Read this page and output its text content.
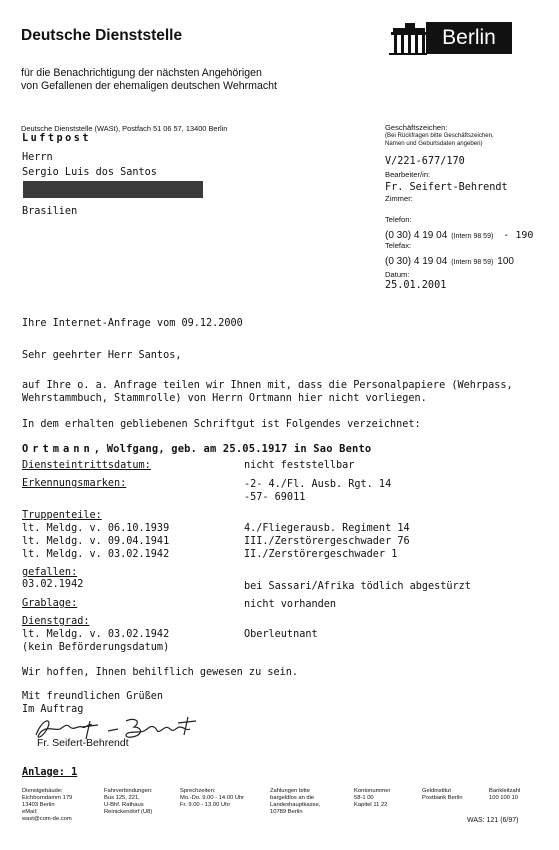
Deutsche Dienststelle
für die Benachrichtigung der nächsten Angehörigen
von Gefallenen der ehemaligen deutschen Wehrmacht
Berlin
Deutsche Dienststelle (WASt), Postfach 51 06 57, 13400 Berlin
Luftpost
Herrn
Sergio Luis dos Santos
Brasilien
Geschäftszeichen:
(Bei Rückfragen bitte Geschäftszeichen,
Namen und Geburtsdaten angeben)
V/221-677/170
Bearbeiter/in:
Fr. Seifert-Behrendt
Zimmer:
Telefon:
(0 30) 4 19 04 (Intern 98 59) - 190
Telefax:
(0 30) 4 19 04 (Intern 98 59) 100
Datum:
25.01.2001
Ihre Internet-Anfrage vom 09.12.2000
Sehr geehrter Herr Santos,
auf Ihre o. a. Anfrage teilen wir Ihnen mit, dass die Personalpapiere (Wehrpass,
Wehrstammbuch, Stammrolle) von Herrn Ortmann hier nicht vorliegen.
In dem erhalten gebliebenen Schriftgut ist Folgendes verzeichnet:
Ortmann, Wolfgang, geb. am 25.05.1917 in Sao Bento
Diensteintrittsdatum:	nicht feststellbar
Erkennungsmarken:	-2- 4./Fl. Ausb. Rgt. 14
-57- 69011
Truppenteile:
lt. Meldg. v. 06.10.1939	4./Fliegerausb. Regiment 14
lt. Meldg. v. 09.04.1941	III./Zerstörergeschwader 76
lt. Meldg. v. 03.02.1942	II./Zerstörergeschwader 1
gefallen:
03.02.1942	bei Sassari/Afrika tödlich abgestürzt
Grablage:	nicht vorhanden
Dienstgrad:
lt. Meldg. v. 03.02.1942	Oberleutnant
(kein Beförderungsdatum)
Wir hoffen, Ihnen behilflich gewesen zu sein.
Mit freundlichen Grüßen
Im Auftrag
Fr. Seifert-Behrendt
Anlage: 1
Dienstgebäude:
Eichborndamm 179
13403 Berlin
eMail:
wast@com-de.com
Fahrverbindungen:
Bus 125, 221,
U-Bhf. Rathaus
Reinickendorf (U8)
Sprechzeiten:
Mo.-Do. 9.00 - 14.00 Uhr
Fr. 9.00 - 13.00 Uhr
Zahlungen bitte
bargeldlos an die
Landeshauptkasse,
10789 Berlin
Kontonummer
58-1 00
Kapitel 11 22
Geldinstitut
Postbank Berlin
Bankleitzahl
100 100 10
WAS: 121 (6/97)
